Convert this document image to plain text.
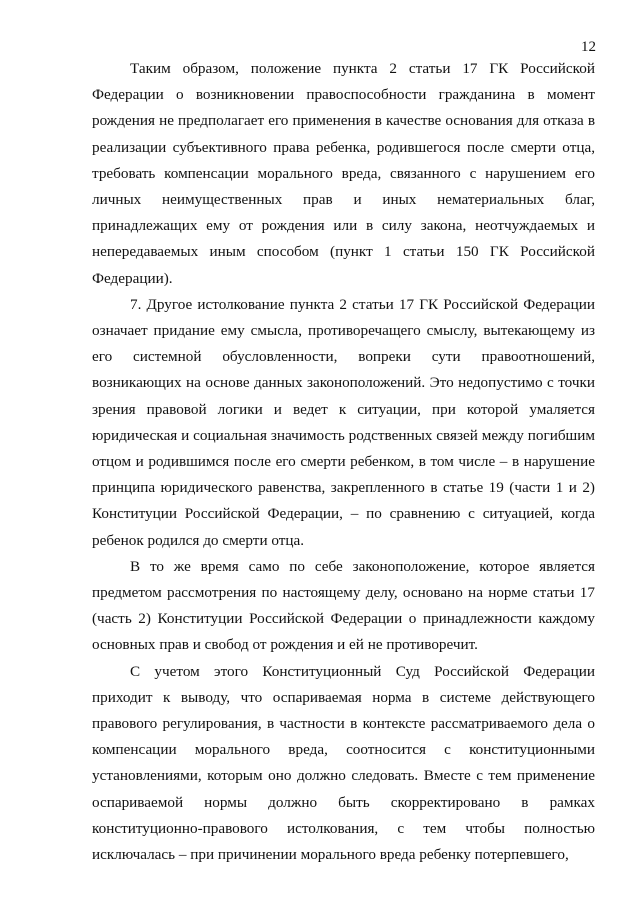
12

Таким образом, положение пункта 2 статьи 17 ГК Российской Федерации о возникновении правоспособности гражданина в момент рождения не предполагает его применения в качестве основания для отказа в реализации субъективного права ребенка, родившегося после смерти отца, требовать компенсации морального вреда, связанного с нарушением его личных неимущественных прав и иных нематериальных благ, принадлежащих ему от рождения или в силу закона, неотчуждаемых и непередаваемых иным способом (пункт 1 статьи 150 ГК Российской Федерации).

7. Другое истолкование пункта 2 статьи 17 ГК Российской Федерации означает придание ему смысла, противоречащего смыслу, вытекающему из его системной обусловленности, вопреки сути правоотношений, возникающих на основе данных законоположений. Это недопустимо с точки зрения правовой логики и ведет к ситуации, при которой умаляется юридическая и социальная значимость родственных связей между погибшим отцом и родившимся после его смерти ребенком, в том числе – в нарушение принципа юридического равенства, закрепленного в статье 19 (части 1 и 2) Конституции Российской Федерации, – по сравнению с ситуацией, когда ребенок родился до смерти отца.

В то же время само по себе законоположение, которое является предметом рассмотрения по настоящему делу, основано на норме статьи 17 (часть 2) Конституции Российской Федерации о принадлежности каждому основных прав и свобод от рождения и ей не противоречит.

С учетом этого Конституционный Суд Российской Федерации приходит к выводу, что оспариваемая норма в системе действующего правового регулирования, в частности в контексте рассматриваемого дела о компенсации морального вреда, соотносится с конституционными установлениями, которым оно должно следовать. Вместе с тем применение оспариваемой нормы должно быть скорректировано в рамках конституционно-правового истолкования, с тем чтобы полностью исключалась – при причинении морального вреда ребенку потерпевшего,
